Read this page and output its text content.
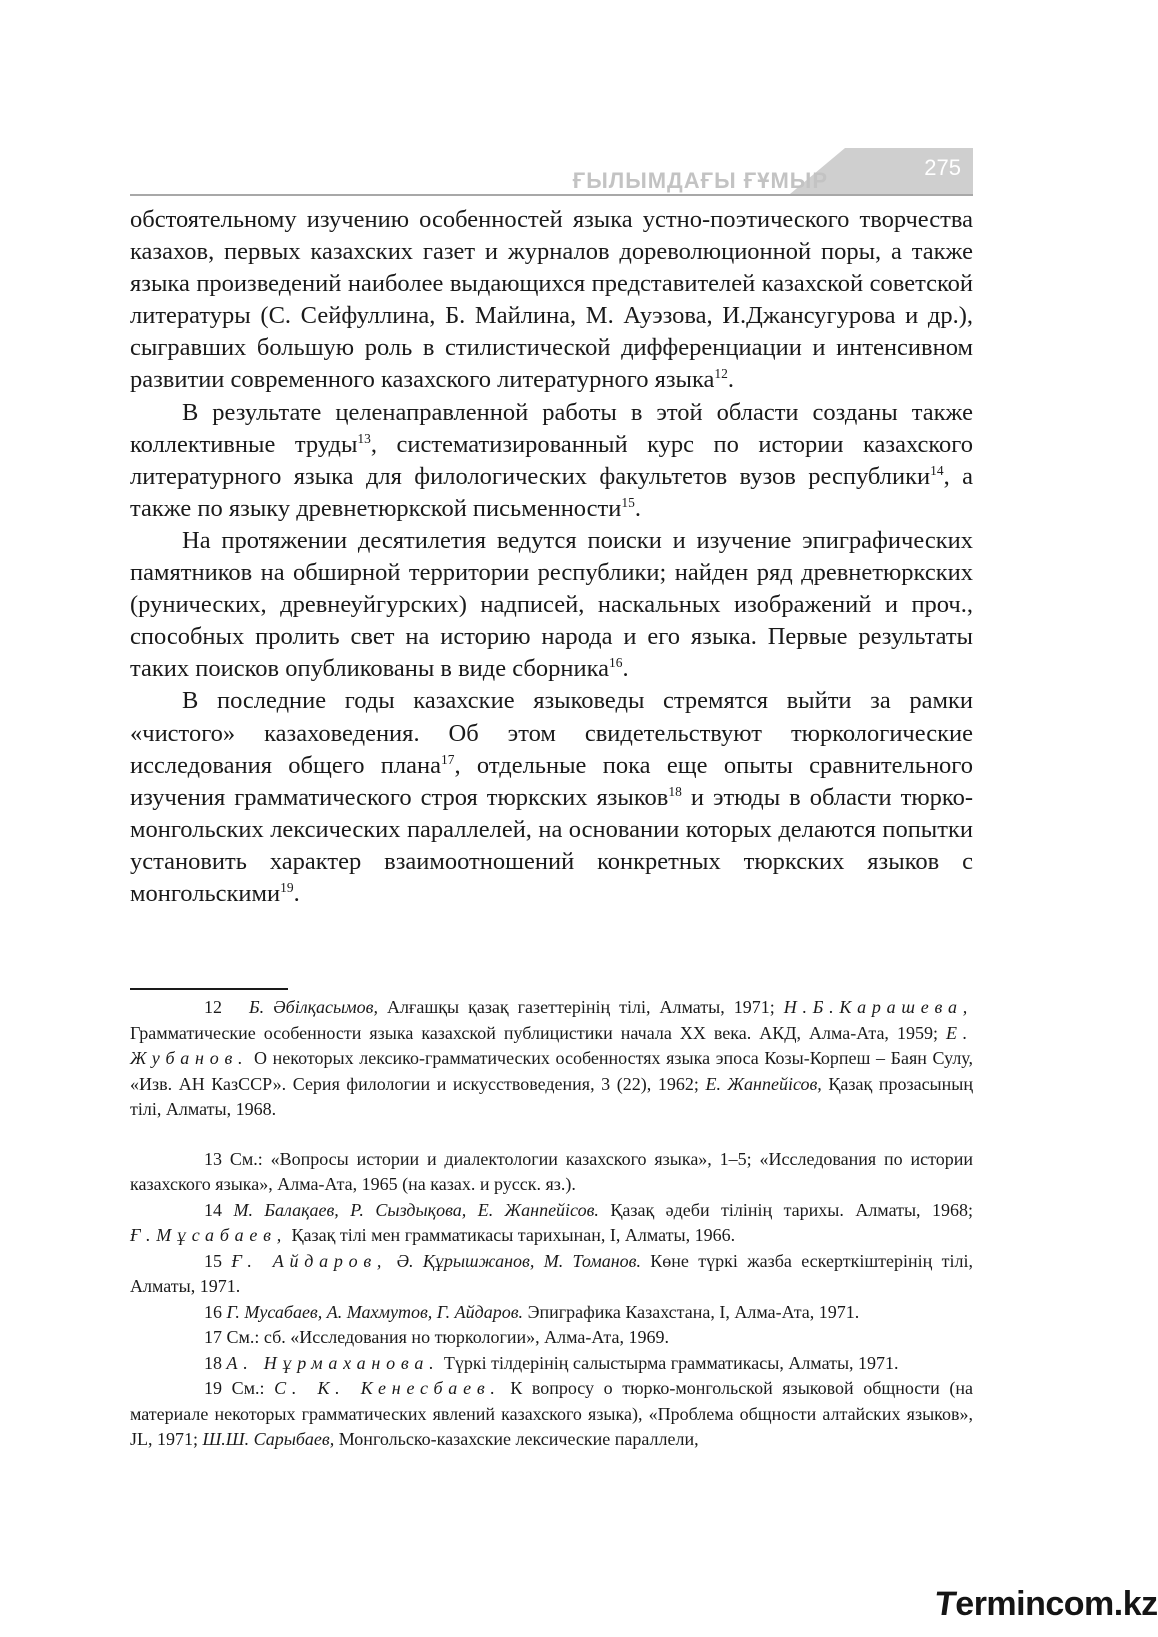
ҒЫЛЫМДАҒЫ ҒҰМЫР
275

обстоятельному изучению особенностей языка устно-поэтического творчества казахов, первых казахских газет и журналов дореволюционной поры, а также языка произведений наиболее выдающихся представителей казахской советской литературы (С. Сейфуллина, Б. Майлина, М. Ауэзова, И.Джансугурова и др.), сыгравших большую роль в стилистической дифференциации и интенсивном развитии современного казахского литературного языка$^{12}$.

В результате целенаправленной работы в этой области созданы также коллективные труды$^{13}$, систематизированный курс по истории казахского литературного языка для филологических факультетов вузов республики$^{14}$, а также по языку древнетюркской письменности$^{15}$.

На протяжении десятилетия ведутся поиски и изучение эпиграфических памятников на обширной территории республики; найден ряд древнетюркских (рунических, древнеуйгурских) надписей, наскальных изображений и проч., способных пролить свет на историю народа и его языка. Первые результаты таких поисков опубликованы в виде сборника$^{16}$.

В последние годы казахские языковеды стремятся выйти за рамки «чистого» казаховедения. Об этом свидетельствуют тюркологические исследования общего плана$^{17}$, отдельные пока еще опыты сравнительного изучения грамматического строя тюркских языков$^{18}$ и этюды в области тюрко-монгольских лексических параллелей, на основании которых делаются попытки установить характер взаимоотношений конкретных тюркских языков с монгольскими$^{19}$.

12 Б. Әбілқасымов, Алғашқы қазақ газеттерінің тілі, Алматы, 1971; Н.Б.Карашева, Грамматические особенности языка казахской публицистики начала XX века. АКД, Алма-Ата, 1959; Е. Жубанов. О некоторых лексико-грамматических особенностях языка эпоса Козы-Корпеш – Баян Сулу, «Изв. АН КазССР». Серия филологии и искусствоведения, 3 (22), 1962; Е. Жанпейісов, Қазақ прозасының тілі, Алматы, 1968.

13 См.: «Вопросы истории и диалектологии казахского языка», 1–5; «Исследования по истории казахского языка», Алма-Ата, 1965 (на казах. и русск. яз.).

14 М. Балақаев, Р. Сыздықова, Е. Жанпейісов. Қазақ әдеби тілінің тарихы. Алматы, 1968; Ғ.Мұсабаев, Қазақ тілі мен грамматикасы тарихынан, I, Алматы, 1966.

15 Ғ. Айдаров, Ә. Құрышжанов, М. Томанов. Көне түркі жазба ескерткіштерінің тілі, Алматы, 1971.

16 Г. Мусабаев, А. Махмутов, Г. Айдаров. Эпиграфика Казахстана, I, Алма-Ата, 1971.

17 См.: сб. «Исследования но тюркологии», Алма-Ата, 1969.

18 А. Нұрмаханова. Түркі тілдерінің салыстырма грамматикасы, Алматы, 1971.

19 См.: С. К. Кенесбаев. К вопросу о тюрко-монгольской языковой общности (на материале некоторых грамматических явлений казахского языка), «Проблема общности алтайских языков», JL, 1971; Ш.Ш. Сарыбаев, Монгольско-казахские лексические параллели,

Termincom.kz
